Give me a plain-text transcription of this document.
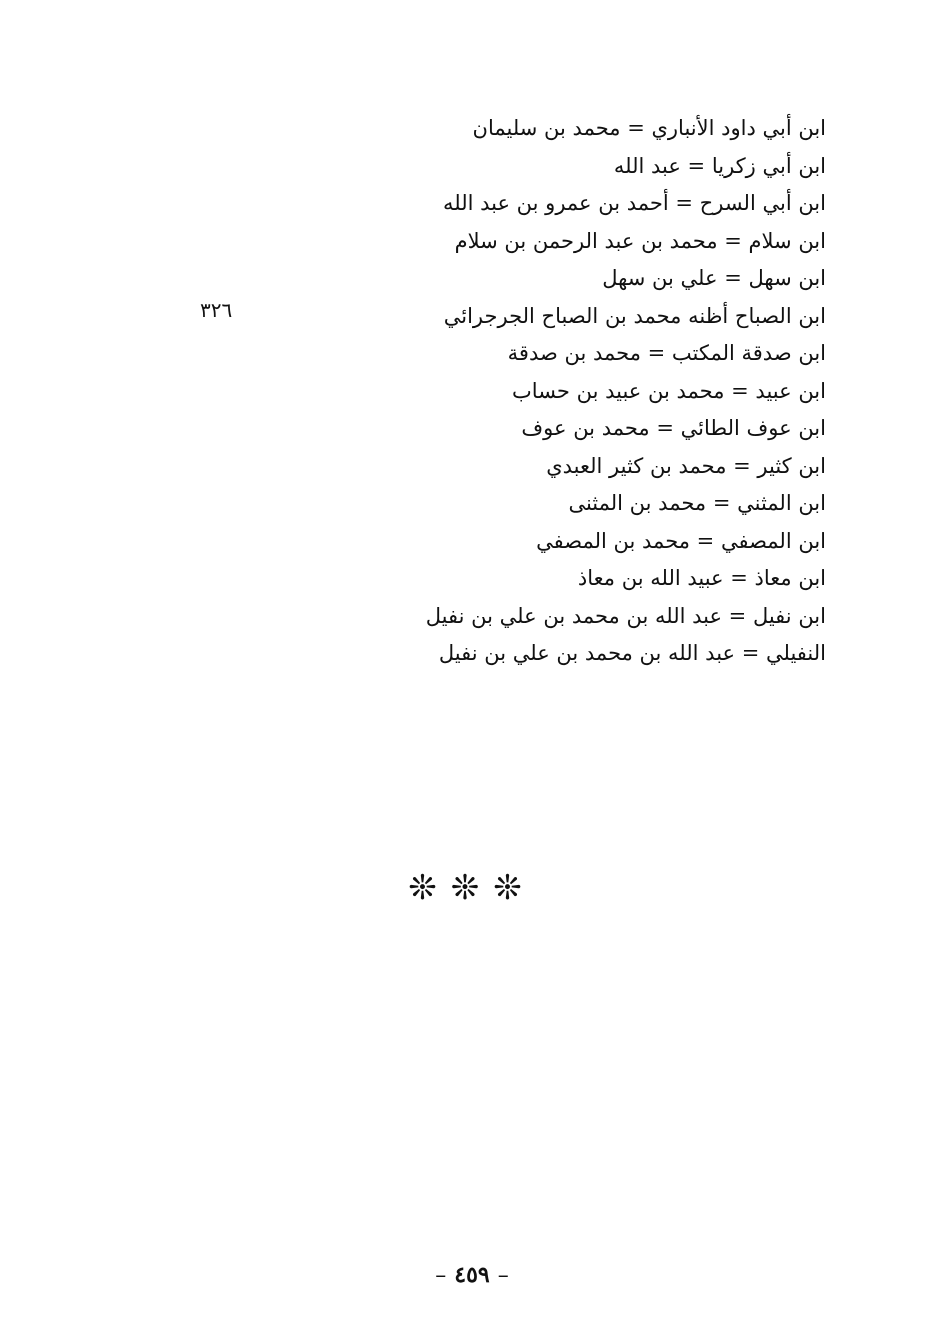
ابن أبي داود الأنباري = محمد بن سليمان
ابن أبي زكريا = عبد الله
ابن أبي السرح = أحمد بن عمرو بن عبد الله
ابن سلام = محمد بن عبد الرحمن بن سلام
ابن سهل = علي بن سهل
ابن الصباح أظنه محمد بن الصباح الجرجرائي
ابن صدقة المكتب = محمد بن صدقة
ابن عبيد = محمد بن عبيد بن حساب
ابن عوف الطائي = محمد بن عوف
ابن كثير = محمد بن كثير العبدي
ابن المثني = محمد بن المثنى
ابن المصفي = محمد بن المصفي
ابن معاذ = عبيد الله بن معاذ
ابن نفيل = عبد الله بن محمد بن علي بن نفيل
النفيلي = عبد الله بن محمد بن علي بن نفيل
٣٢٦
❊❊❊
– ٤٥٩ –
